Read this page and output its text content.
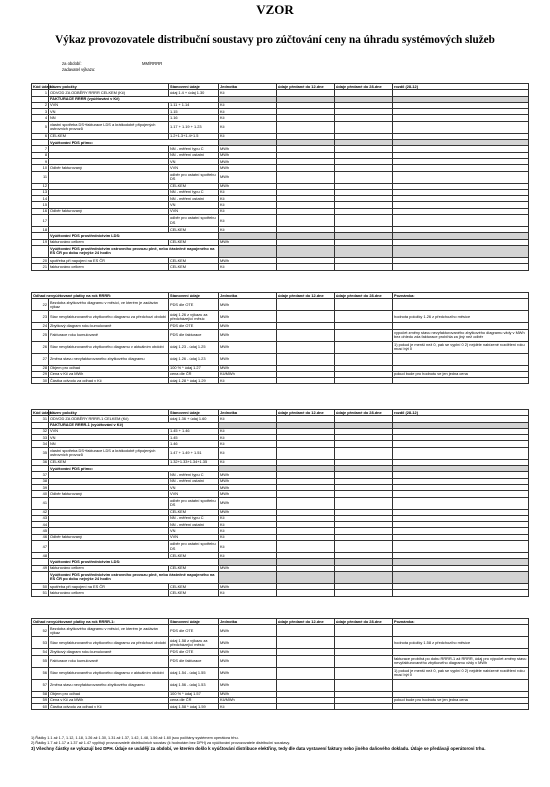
VZOR
Výkaz provozovatele distribuční soustavy pro zúčtování ceny na úhradu systémových služeb
za období:	MM/RRRR
zadavatel výkazu:
Kód údaje	Název položky	Stanovení údaje	Jednotka	údaje předané do 12.dne	údaje předané do 28.dne	rozdíl (28-12)
1	ODVOD ZA ODBĚRY RRRR CELKEM (Kč)	údaj 1.4 + údaj 1.30	Kč			
	FAKTURACE RRRR (vyúčtování v Kč)					
2	VVN	1.11 + 1.14	Kč			
3	VN	1.15	Kč			
4	NN	1.16	Kč			
5	vlastní spotřeba DS+fakturace LDS a krátkodobě připojených ostrovních provozů	1.17 + 1.19 + 1.23	Kč			
6	CELKEM	1.2+1.3+1.4+1.5	Kč			
	Vyúčtování PDS přímo:					
7		NN - měření typu C	MWh			
8		NN - měření ostatní	MWh			
9		VN	MWh			
10	Odběr fakturovaný	VVN	MWh			
11		odběr pro ostatní spotřebu DS	MWh			
12		CELKEM	MWh			
13		NN - měření typu C	Kč			
14		NN - měření ostatní	Kč			
15		VN	Kč			
16	Odběr fakturovaný	VVN	Kč			
17		odběr pro ostatní spotřebu DS	Kč			
18		CELKEM	Kč			
	Vyúčtování PDS prostřednictvím LDS:					
19	fakturováno celkem	CELKEM	MWh			
	Vyúčtování PDS prostřednictvím ostrovního provozu plně, nebo částečně napojeného na ES ČR po dobu nejvýše 24 hodin					
20	spotřeba při napojení na ES ČR	CELKEM	MWh			
21	fakturováno celkem	CELKEM	Kč			
Odhad nevyúčtované platby na rok RRRR:		Stanovení údaje	Jednotka	údaje předané do 12.dne	údaje předané do 28.dne	Poznámka:
22	Bezdoba zbytkového diagramu v měsíci, ve kterém je zadáván výkaz	PDS dle OTE	MWh			
23	Stav nevyfakturovaného zbytkového diagramu za předchozí období	údaj 1.26 z výkazu za předcházející měsíc	MWh			hodnota položky 1.26 z předchozího měsíce
24	Zbytkový diagram roku kumulovaně	PDS dle OTE	MWh			
25	Fakturace roku kumulovaně	PDS dle fakturace	MWh			vypočet změny stavu nevyfakturovaného zbytkového diagramu vždy v MWh bez ohledu zda fakturace probíhla za jiný než odběr
26	Stav nevyfakturovaného zbytkového diagramu v aktuálním období	údaj 1.23 - údaj 1.25	MWh			1) pokud je menší než 0, pak se vyplní 0 2) nejdéle nabízené rozdělení roku musí být 0
27	Změna stavu nevyfakturovaného zbytkového diagramu	údaj 1.26 - údaj 1.23	MWh			
28	Objem pro odhad	100 % * údaj 1.27	MWh			
29	Cena v Kč za MWh	cena dle ČR	Kč/MWh			pokud bude pro hodnotu ve jen jedna cena
30	Částka odvodu za odhad v Kč	údaj 1.28 * údaj 1.29	Kč			
Kód údaje	Název položky	Stanovení údaje	Jednotka	údaje předané do 12.dne	údaje předané do 28.dne	rozdíl (28-12)
31	ODVOD ZA ODBĚRY RRRR-1 CELKEM (Kč)	údaj 1.36 + údaj 1.60	Kč			
	FAKTURACE RRRR-1 (vyúčtování v Kč)					
32	VVN	1.45 + 1.46	Kč			
33	VN	1.45	Kč			
34	NN	1.46	Kč			
35	vlastní spotřeba DS+fakturace LDS a krátkodobě připojených ostrovních provozů	1.47 + 1.49 + 1.51	Kč			
36	CELKEM	1.32+1.33+1.34+1.35	Kč			
	Vyúčtování PDS přímo:					
37		NN - měření typu C	MWh			
38		NN - měření ostatní	MWh			
39		VN	MWh			
40	Odběr fakturovaný	VVN	MWh			
41		odběr pro ostatní spotřebu DS	MWh			
42		CELKEM	MWh			
43		NN - měření typu C	Kč			
44		NN - měření ostatní	Kč			
45		VN	Kč			
46	Odběr fakturovaný	VVN	Kč			
47		odběr pro ostatní spotřebu DS	Kč			
48		CELKEM	Kč			
	Vyúčtování PDS prostřednictvím LDS:					
49	fakturováno celkem	CELKEM	MWh			
	Vyúčtování PDS prostřednictvím ostrovního provozu plně, nebo částečně napojeného na ES ČR po dobu nejvýše 24 hodin					
50	spotřeba při napojení na ES ČR	CELKEM	MWh			
51	fakturováno celkem	CELKEM	Kč			
Odhad nevyúčtované platby na rok RRRR-1:		Stanovení údaje	Jednotka	údaje předané do 12.dne	údaje předané do 28.dne	Poznámka:
52	Bezdoba zbytkového diagramu v měsíci, ve kterém je zadáván výkaz	PDS dle OTE	MWh			
53	Stav nevyfakturovaného zbytkového diagramu za předchozí období	údaj 1.58 z výkazu za předcházející měsíc	MWh			hodnota položky 1.58 z předchozího měsíce
54	Zbytkový diagram roku kumulovaně	PDS dle OTE	MWh			
55	Fakturace roku kumulovaně	PDS dle fakturace	MWh			fakturace probíhá po dobu RRRR-1 až RRRR, údaj pro výpočet změny stavu nevyfakturovaného zbytkového diagramu vždy v MWh
56	Stav nevyfakturovaného zbytkového diagramu v aktuálním období	údaj 1.54 - údaj 1.55	MWh			1) pokud je menší než 0, pak se vyplní 0 2) nejdéle nabízené rozdělení roku musí být 0
57	Změna stavu nevyfakturovaného zbytkového diagramu	údaj 1.56 - údaj 1.53	MWh			
58	Objem pro odhad	100 % * údaj 1.57	MWh			
59	Cena v Kč za MWh	cena dle ČR	Kč/MWh			pokud bude pro hodnotu ve jen jedna cena
60	Částka odvodu za odhad v Kč	údaj 1.58 * údaj 1.59	Kč			
1) Řádky 1.1 až 1.7, 1.12, 1.18, 1.26 až 1.30, 1.31 až 1.37, 1.42, 1.48, 1.56 až 1.60 jsou počítány systémem operátora trhu.
2) Řádky 1.7 až 1.17 a 1.37 až 1.47 vyplňují provozovatelé distribučních soustav (k hodnotám bez DPH) za vyúčtování provozovatele distribuční soustavy.
3) Všechny částky se vykazují bez DPH. Údaje se uvádějí za období, ve kterém došlo k vyúčtování distribuce elektřiny, tedy dle data vystavení faktury nebo jiného daňového dokladu. Údaje se předávají operátorovi trhu.
